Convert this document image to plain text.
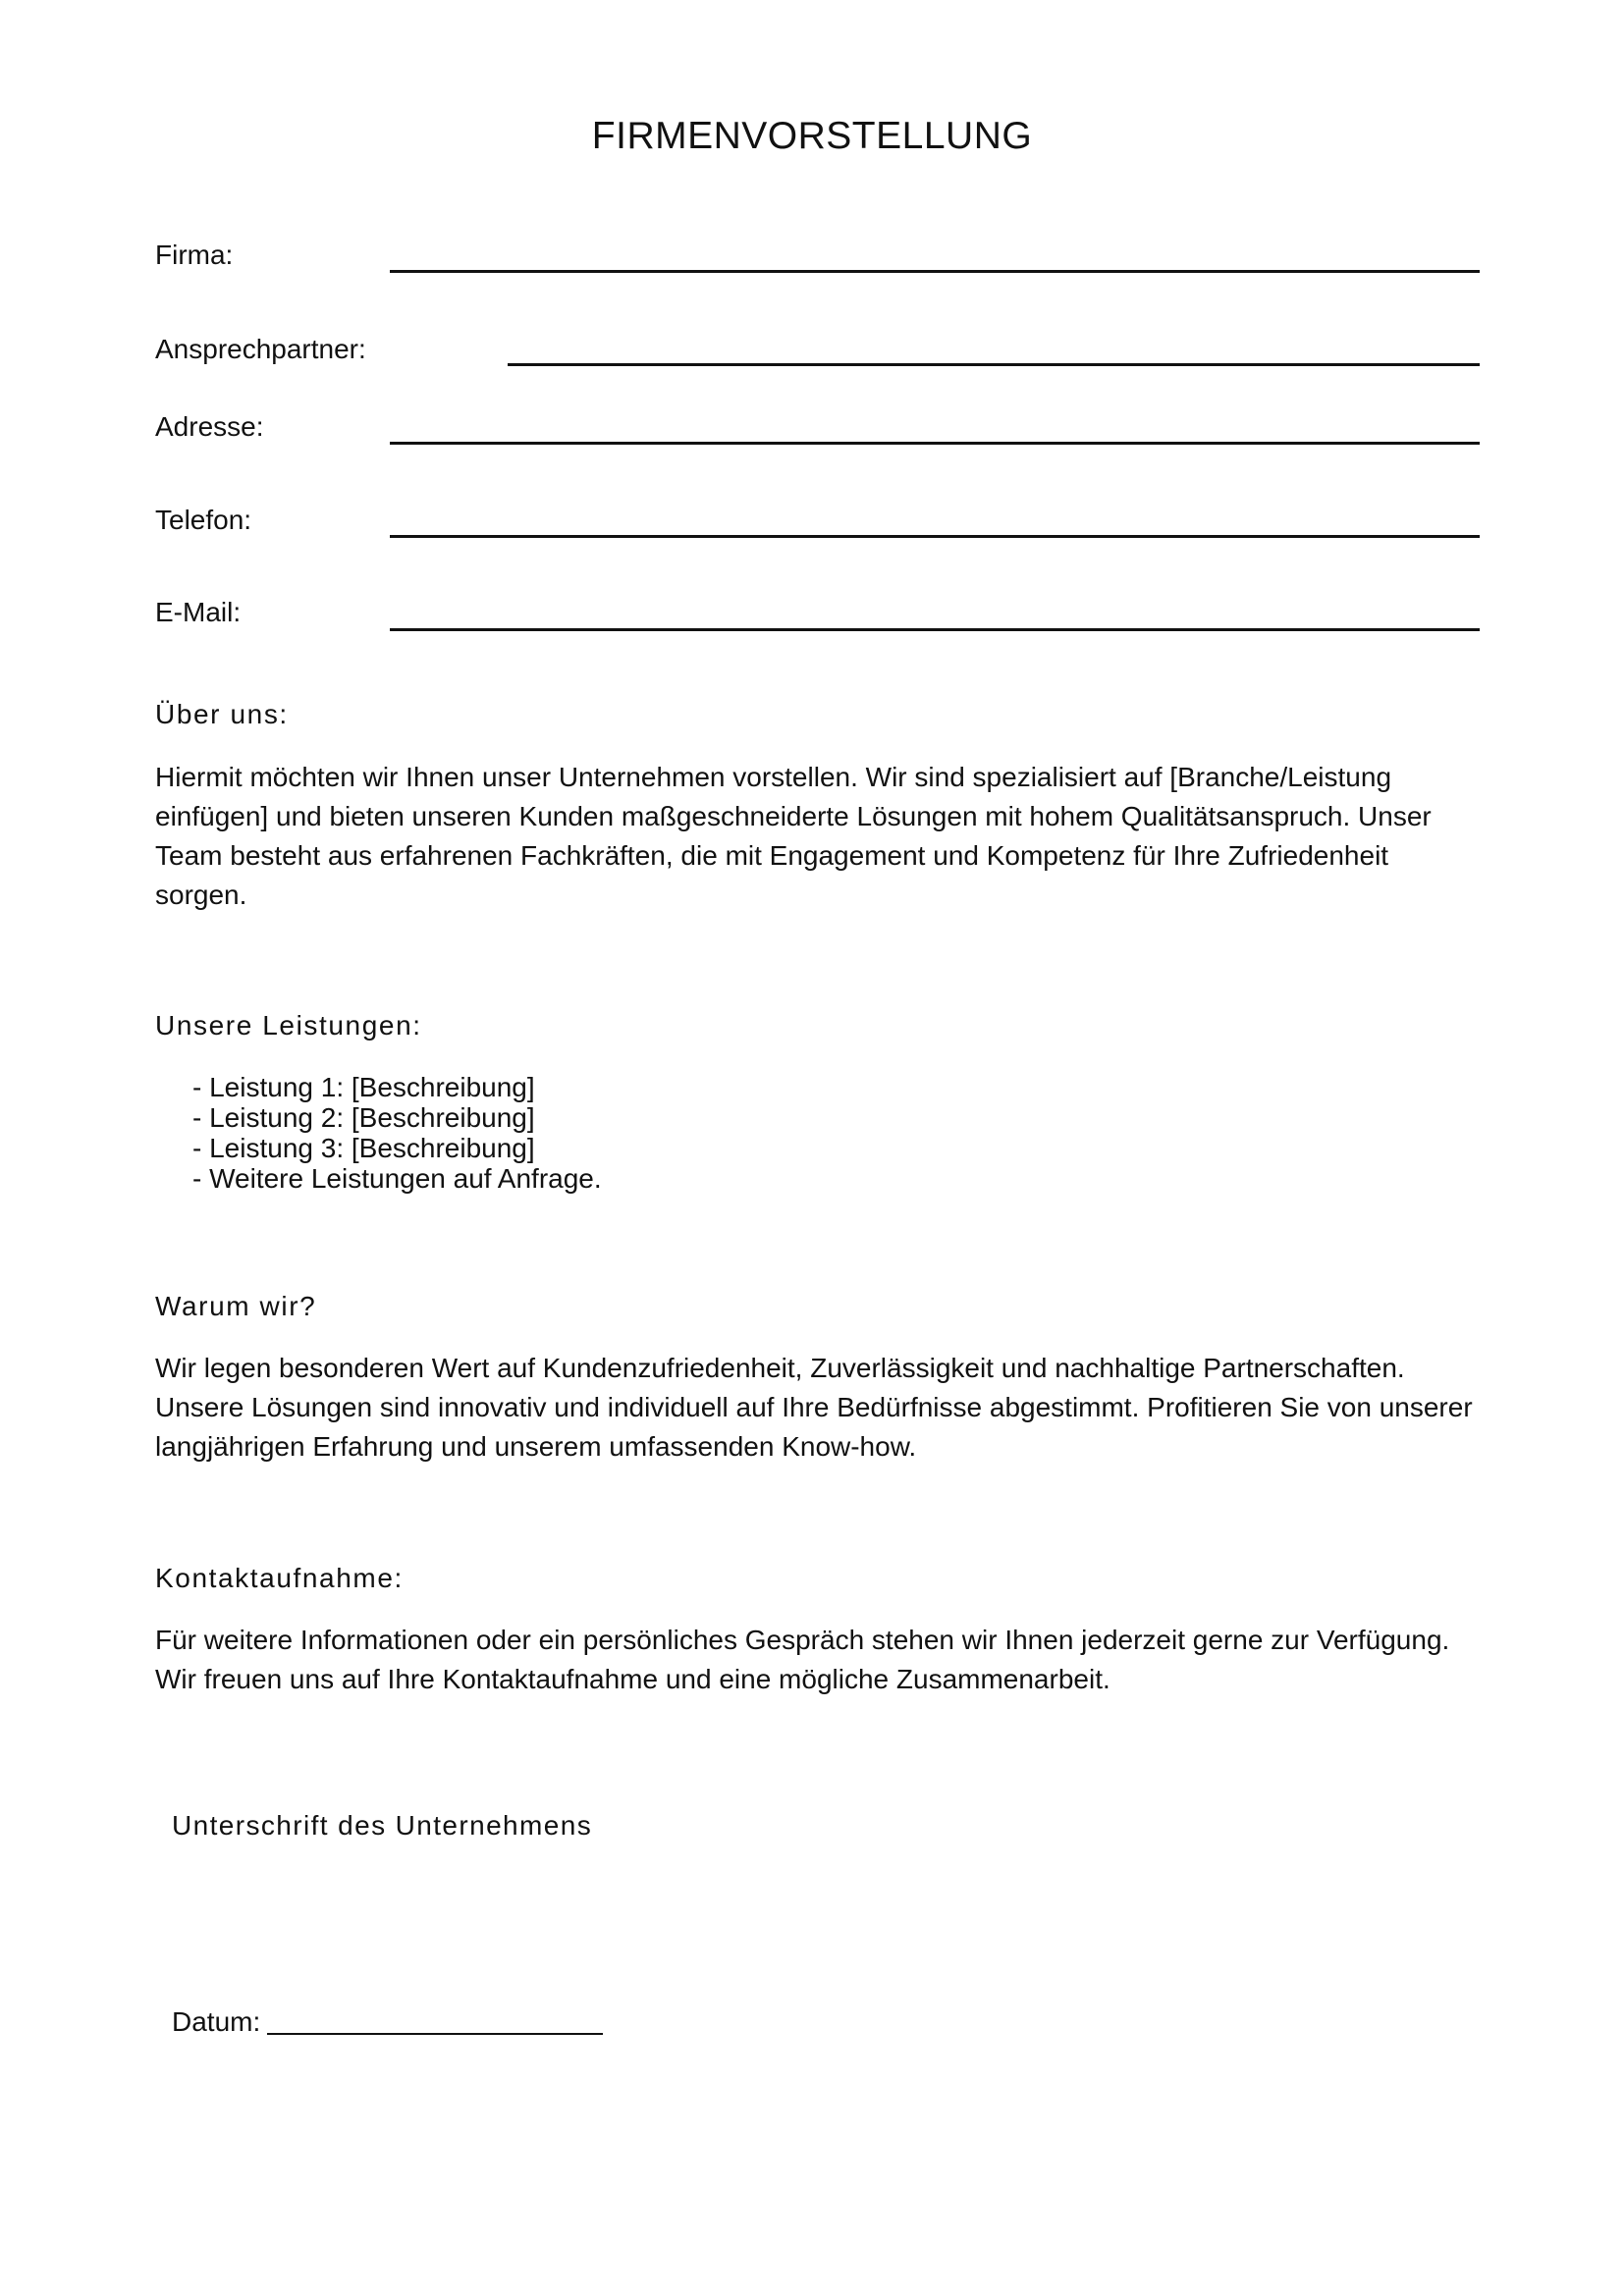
FIRMENVORSTELLUNG
Firma:
Ansprechpartner:
Adresse:
Telefon:
E-Mail:
Über uns:
Hiermit möchten wir Ihnen unser Unternehmen vorstellen. Wir sind spezialisiert auf [Branche/Leistung
einfügen] und bieten unseren Kunden maßgeschneiderte Lösungen mit hohem Qualitätsanspruch. Unser
Team besteht aus erfahrenen Fachkräften, die mit Engagement und Kompetenz für Ihre Zufriedenheit
sorgen.
Unsere Leistungen:
- Leistung 1: [Beschreibung]
- Leistung 2: [Beschreibung]
- Leistung 3: [Beschreibung]
- Weitere Leistungen auf Anfrage.
Warum wir?
Wir legen besonderen Wert auf Kundenzufriedenheit, Zuverlässigkeit und nachhaltige Partnerschaften.
Unsere Lösungen sind innovativ und individuell auf Ihre Bedürfnisse abgestimmt. Profitieren Sie von unserer
langjährigen Erfahrung und unserem umfassenden Know-how.
Kontaktaufnahme:
Für weitere Informationen oder ein persönliches Gespräch stehen wir Ihnen jederzeit gerne zur Verfügung.
Wir freuen uns auf Ihre Kontaktaufnahme und eine mögliche Zusammenarbeit.
Unterschrift des Unternehmens
Datum:
